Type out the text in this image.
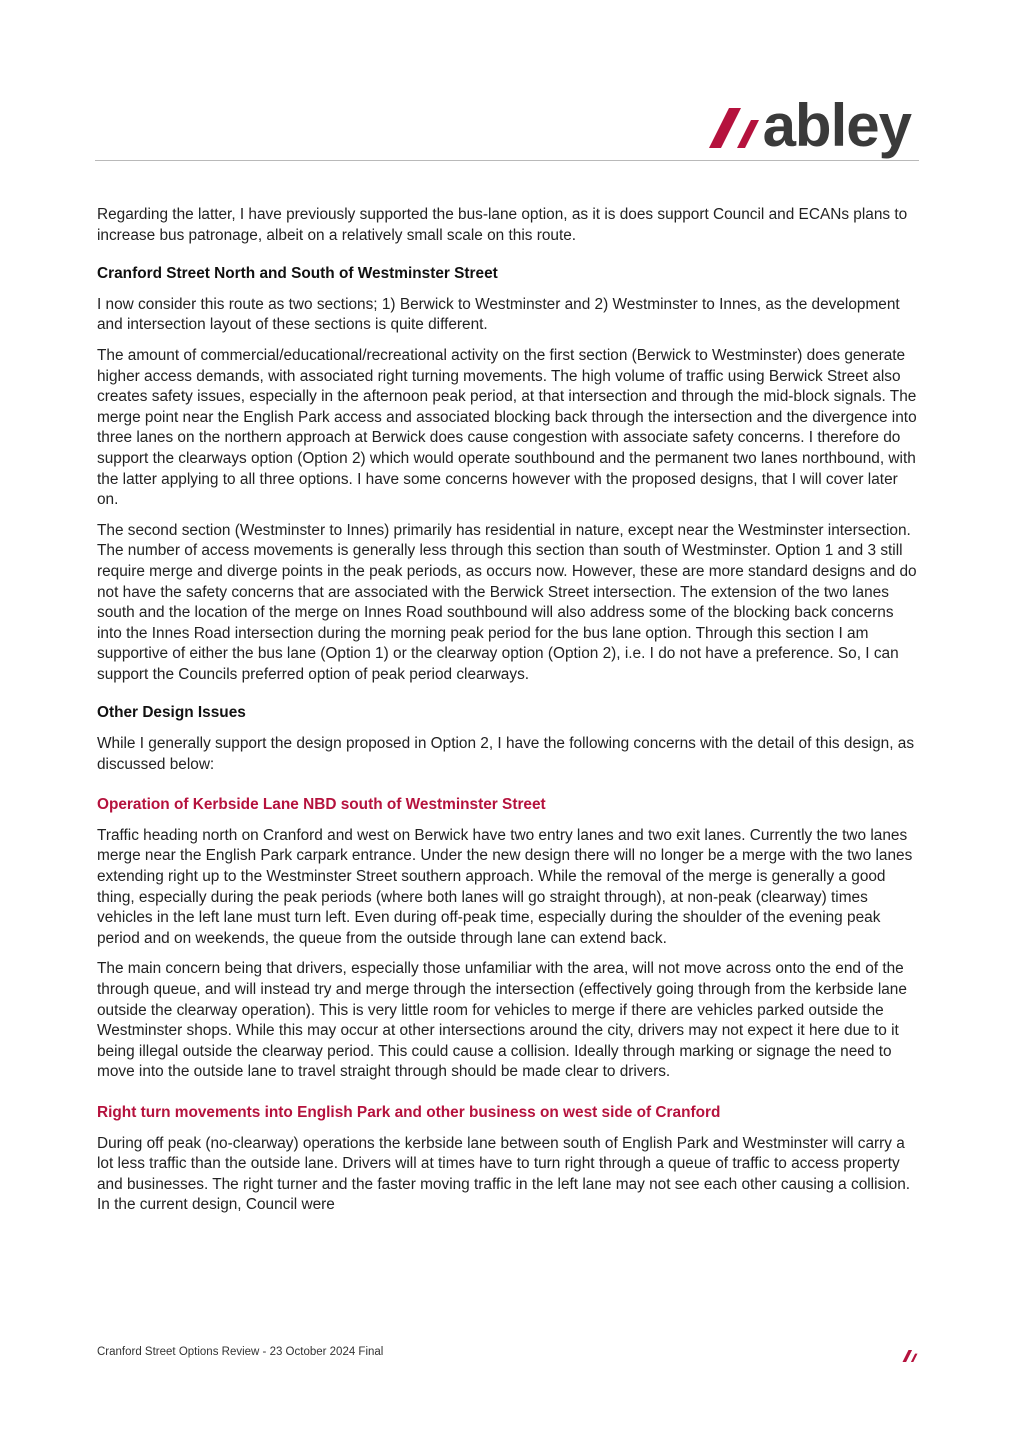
abley

Regarding the latter, I have previously supported the bus-lane option, as it is does support Council and ECANs plans to increase bus patronage, albeit on a relatively small scale on this route.

Cranford Street North and South of Westminster Street

I now consider this route as two sections; 1) Berwick to Westminster and 2) Westminster to Innes, as the development and intersection layout of these sections is quite different.

The amount of commercial/educational/recreational activity on the first section (Berwick to Westminster) does generate higher access demands, with associated right turning movements. The high volume of traffic using Berwick Street also creates safety issues, especially in the afternoon peak period, at that intersection and through the mid-block signals. The merge point near the English Park access and associated blocking back through the intersection and the divergence into three lanes on the northern approach at Berwick does cause congestion with associate safety concerns. I therefore do support the clearways option (Option 2) which would operate southbound and the permanent two lanes northbound, with the latter applying to all three options. I have some concerns however with the proposed designs, that I will cover later on.

The second section (Westminster to Innes) primarily has residential in nature, except near the Westminster intersection. The number of access movements is generally less through this section than south of Westminster. Option 1 and 3 still require merge and diverge points in the peak periods, as occurs now. However, these are more standard designs and do not have the safety concerns that are associated with the Berwick Street intersection. The extension of the two lanes south and the location of the merge on Innes Road southbound will also address some of the blocking back concerns into the Innes Road intersection during the morning peak period for the bus lane option. Through this section I am supportive of either the bus lane (Option 1) or the clearway option (Option 2), i.e. I do not have a preference. So, I can support the Councils preferred option of peak period clearways.

Other Design Issues

While I generally support the design proposed in Option 2, I have the following concerns with the detail of this design, as discussed below:

Operation of Kerbside Lane NBD south of Westminster Street

Traffic heading north on Cranford and west on Berwick have two entry lanes and two exit lanes. Currently the two lanes merge near the English Park carpark entrance. Under the new design there will no longer be a merge with the two lanes extending right up to the Westminster Street southern approach. While the removal of the merge is generally a good thing, especially during the peak periods (where both lanes will go straight through), at non-peak (clearway) times vehicles in the left lane must turn left. Even during off-peak time, especially during the shoulder of the evening peak period and on weekends, the queue from the outside through lane can extend back.

The main concern being that drivers, especially those unfamiliar with the area, will not move across onto the end of the through queue, and will instead try and merge through the intersection (effectively going through from the kerbside lane outside the clearway operation). This is very little room for vehicles to merge if there are vehicles parked outside the Westminster shops. While this may occur at other intersections around the city, drivers may not expect it here due to it being illegal outside the clearway period. This could cause a collision. Ideally through marking or signage the need to move into the outside lane to travel straight through should be made clear to drivers.

Right turn movements into English Park and other business on west side of Cranford

During off peak (no-clearway) operations the kerbside lane between south of English Park and Westminster will carry a lot less traffic than the outside lane. Drivers will at times have to turn right through a queue of traffic to access property and businesses. The right turner and the faster moving traffic in the left lane may not see each other causing a collision. In the current design, Council were

Cranford Street Options Review - 23 October 2024 Final
